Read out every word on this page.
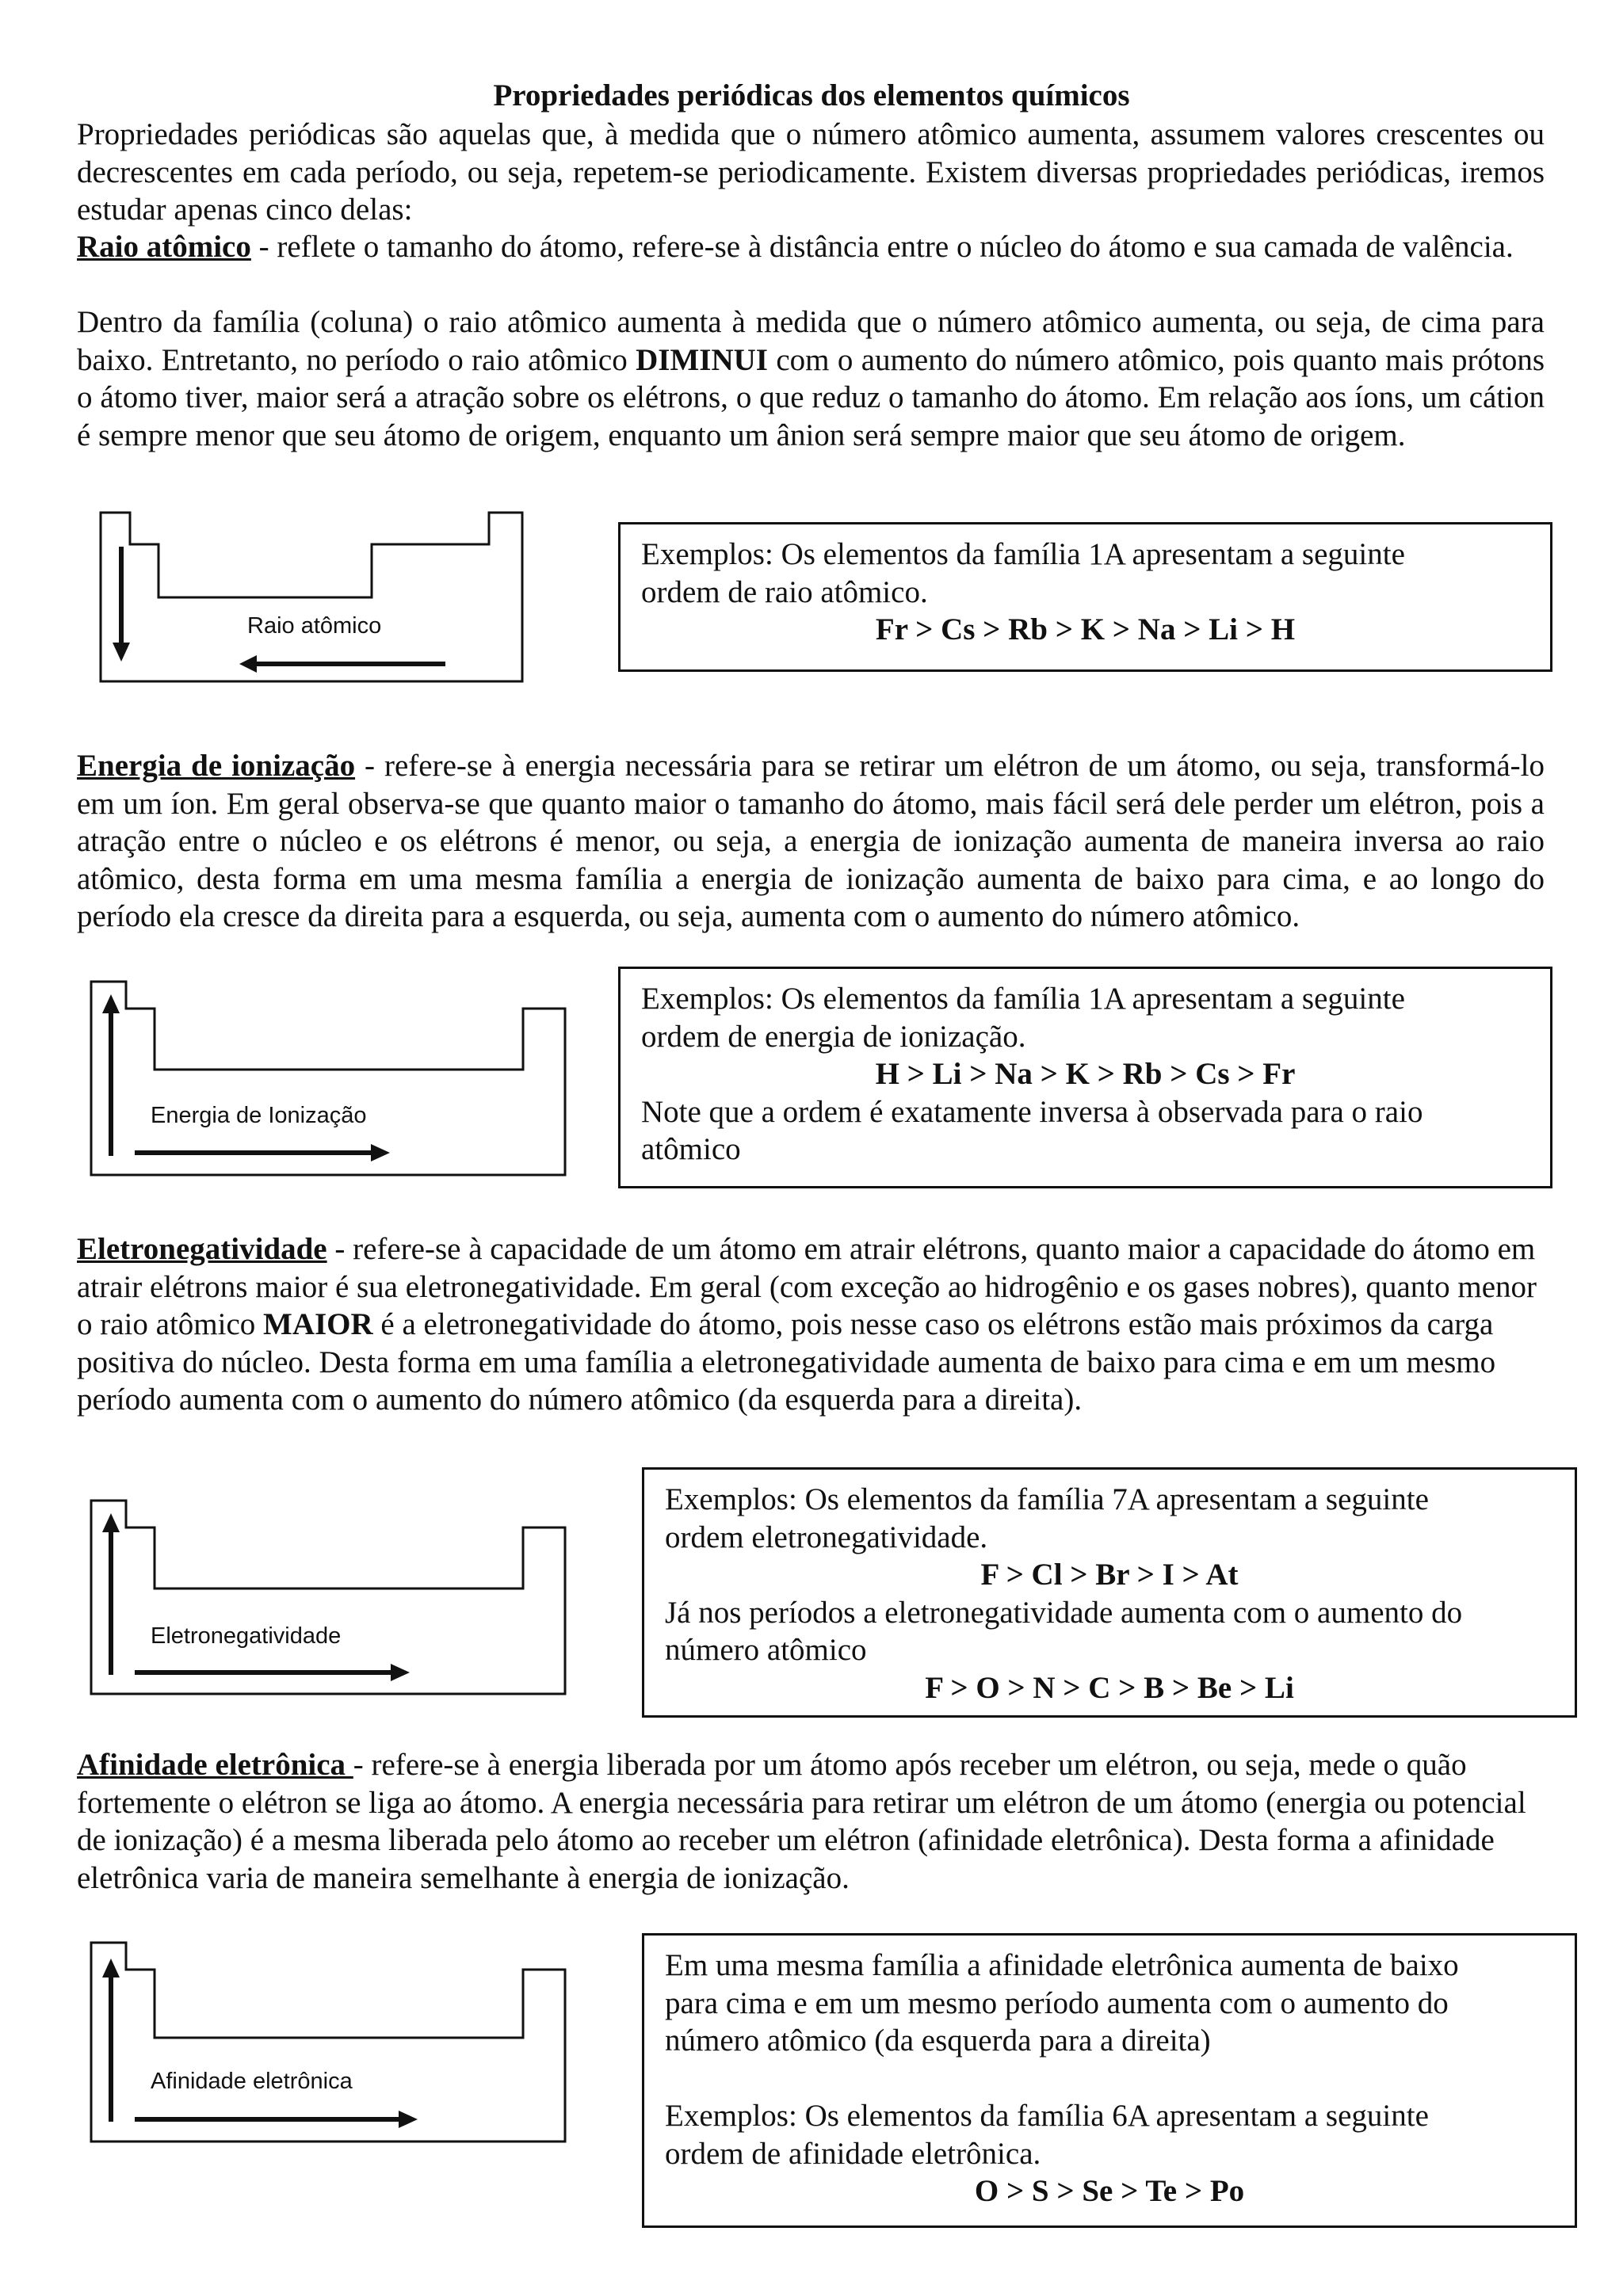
Propriedades periódicas dos elementos químicos

Propriedades periódicas são aquelas que, à medida que o número atômico aumenta, assumem valores crescentes ou decrescentes em cada período, ou seja, repetem-se periodicamente. Existem diversas propriedades periódicas, iremos estudar apenas cinco delas:

Raio atômico - reflete o tamanho do átomo, refere-se à distância entre o núcleo do átomo e sua camada de valência.

Dentro da família (coluna) o raio atômico aumenta à medida que o número atômico aumenta, ou seja, de cima para baixo. Entretanto, no período o raio atômico DIMINUI com o aumento do número atômico, pois quanto mais prótons o átomo tiver, maior será a atração sobre os elétrons, o que reduz o tamanho do átomo. Em relação aos íons, um cátion é sempre menor que seu átomo de origem, enquanto um ânion será sempre maior que seu átomo de origem.

Raio atômico
Exemplos: Os elementos da família 1A apresentam a seguinte
ordem de raio atômico.
Fr > Cs > Rb > K > Na > Li > H

Energia de ionização - refere-se à energia necessária para se retirar um elétron de um átomo, ou seja, transformá-lo em um íon. Em geral observa-se que quanto maior o tamanho do átomo, mais fácil será dele perder um elétron, pois a atração entre o núcleo e os elétrons é menor, ou seja, a energia de ionização aumenta de maneira inversa ao raio atômico, desta forma em uma mesma família a energia de ionização aumenta de baixo para cima, e ao longo do período ela cresce da direita para a esquerda, ou seja, aumenta com o aumento do número atômico.

Energia de Ionização
Exemplos: Os elementos da família 1A apresentam a seguinte
ordem de energia de ionização.
H > Li > Na > K > Rb > Cs > Fr
Note que a ordem é exatamente inversa à observada para o raio
atômico

Eletronegatividade - refere-se à capacidade de um átomo em atrair elétrons, quanto maior a capacidade do átomo em atrair elétrons maior é sua eletronegatividade. Em geral (com exceção ao hidrogênio e os gases nobres), quanto menor o raio atômico MAIOR é a eletronegatividade do átomo, pois nesse caso os elétrons estão mais próximos da carga positiva do núcleo. Desta forma em uma família a eletronegatividade aumenta de baixo para cima e em um mesmo período aumenta com o aumento do número atômico (da esquerda para a direita).

Eletronegatividade
Exemplos: Os elementos da família 7A apresentam a seguinte
ordem eletronegatividade.
F > Cl > Br > I > At
Já nos períodos a eletronegatividade aumenta com o aumento do
número atômico
F > O > N > C > B > Be > Li

Afinidade eletrônica - refere-se à energia liberada por um átomo após receber um elétron, ou seja, mede o quão fortemente o elétron se liga ao átomo. A energia necessária para retirar um elétron de um átomo (energia ou potencial de ionização) é a mesma liberada pelo átomo ao receber um elétron (afinidade eletrônica). Desta forma a afinidade eletrônica varia de maneira semelhante à energia de ionização.

Afinidade eletrônica
Em uma mesma família a afinidade eletrônica aumenta de baixo
para cima e em um mesmo período aumenta com o aumento do
número atômico (da esquerda para a direita)
Exemplos: Os elementos da família 6A apresentam a seguinte
ordem de afinidade eletrônica.
O > S > Se > Te > Po
